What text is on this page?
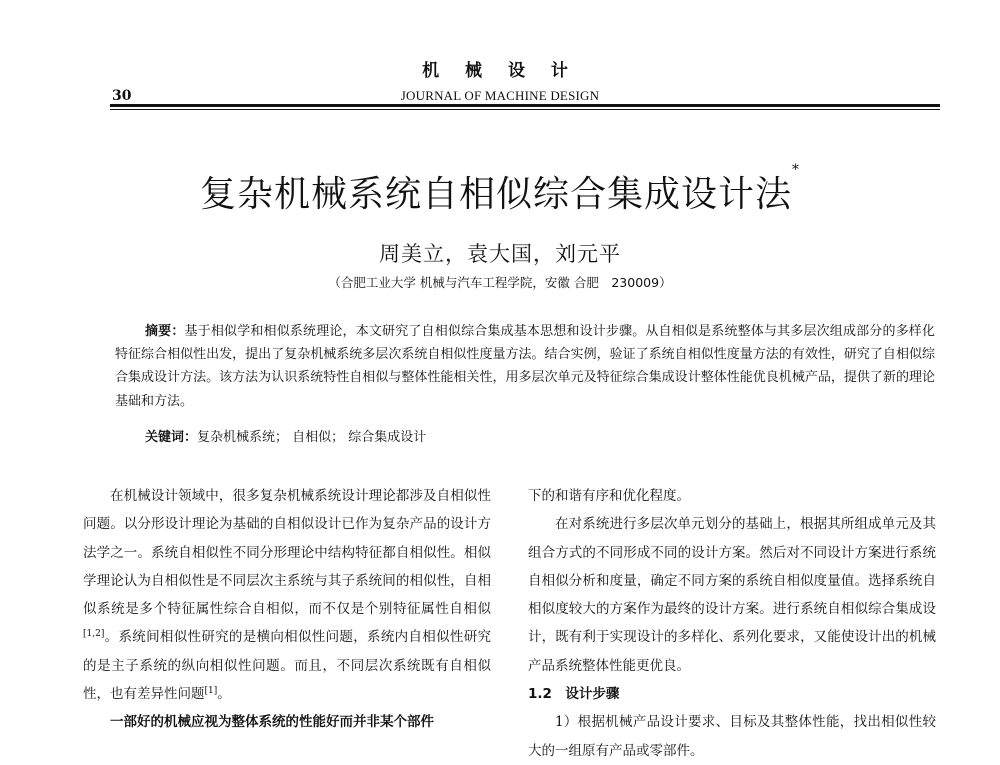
机 械 设 计
30	JOURNAL OF MACHINE DESIGN
复杂机械系统自相似综合集成设计法*
周美立，袁大国，刘元平
（合肥工业大学 机械与汽车工程学院，安徽 合肥　230009）
摘要：基于相似学和相似系统理论，本文研究了自相似综合集成基本思想和设计步骤。从自相似是系统整体与其多层次组成部分的多样化特征综合相似性出发，提出了复杂机械系统多层次系统自相似性度量方法。结合实例，验证了系统自相似性度量方法的有效性，研究了自相似综合集成设计方法。该方法为认识系统特性自相似与整体性能相关性，用多层次单元及特征综合集成设计整体性能优良机械产品，提供了新的理论基础和方法。
关键词：复杂机械系统； 自相似； 综合集成设计

在机械设计领域中，很多复杂机械系统设计理论都涉及自相似性问题。以分形设计理论为基础的自相似设计已作为复杂产品的设计方法学之一。系统自相似性不同分形理论中结构特征都自相似性。相似学理论认为自相似性是不同层次主系统与其子系统间的相似性，自相似系统是多个特征属性综合自相似，而不仅是个别特征属性自相似[1,2]。系统间相似性研究的是横向相似性问题，系统内自相似性研究的是主子系统的纵向相似性问题。而且，不同层次系统既有自相似性，也有差异性问题[1]。

一部好的机械应视为整体系统的性能好而并非某个部件

下的和谐有序和优化程度。

在对系统进行多层次单元划分的基础上，根据其所组成单元及其组合方式的不同形成不同的设计方案。然后对不同设计方案进行系统自相似分析和度量，确定不同方案的系统自相似度量值。选择系统自相似度较大的方案作为最终的设计方案。进行系统自相似综合集成设计，既有利于实现设计的多样化、系列化要求，又能使设计出的机械产品系统整体性能更优良。

1.2　设计步骤

1）根据机械产品设计要求、目标及其整体性能，找出相似性较大的一组原有产品或零部件。
